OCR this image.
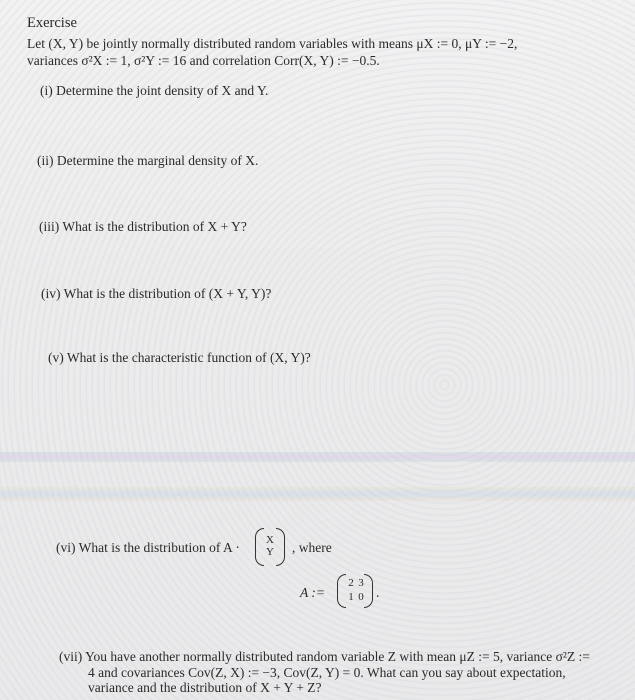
Exercise
Let (X, Y) be jointly normally distributed random variables with means μX := 0, μY := −2,
variances σ²X := 1, σ²Y := 16 and correlation Corr(X, Y) := −0.5.
(i) Determine the joint density of X and Y.
(ii) Determine the marginal density of X.
(iii) What is the distribution of X + Y?
(iv) What is the distribution of (X + Y, Y)?
(v) What is the characteristic function of (X, Y)?
(vi) What is the distribution of A · X
Y , where
A :=
2 3
1 0 .
(vii) You have another normally distributed random variable Z with mean μZ := 5, variance σ²Z :=
4 and covariances Cov(Z, X) := −3, Cov(Z, Y) = 0. What can you say about expectation,
variance and the distribution of X + Y + Z?
